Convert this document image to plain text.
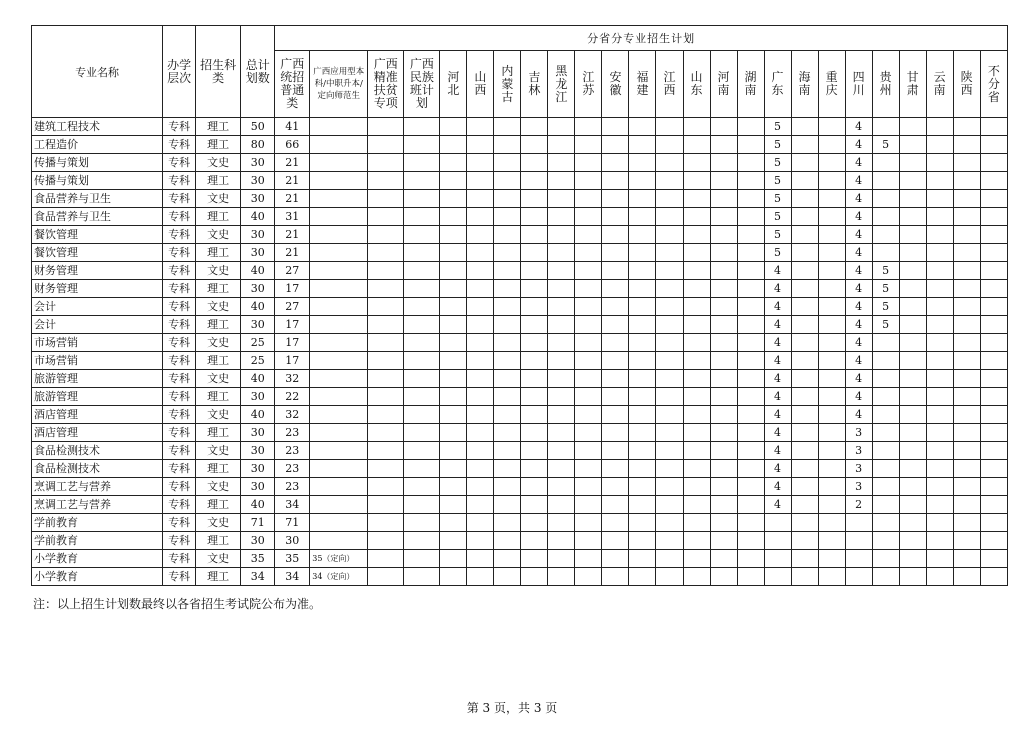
专业名称	办学层次	招生科类	总计划数	分省分专业招生计划																								
				广西统招普通类	广西应用型本科/中职升本/定向师范生	广西精准扶贫专项	广西民族班计划	河北	山西	内蒙古	吉林	黑龙江	江苏	安徽	福建	江西	山东	河南	湖南	广东	海南	重庆	四川	贵州	甘肃	云南	陕西	不分省
建筑工程技术	专科	理工	50	41																5			4					
工程造价	专科	理工	80	66																5			4	5				
传播与策划	专科	文史	30	21																5			4					
传播与策划	专科	理工	30	21																5			4					
食品营养与卫生	专科	文史	30	21																5			4					
食品营养与卫生	专科	理工	40	31																5			4					
餐饮管理	专科	文史	30	21																5			4					
餐饮管理	专科	理工	30	21																5			4					
财务管理	专科	文史	40	27																4			4	5				
财务管理	专科	理工	30	17																4			4	5				
会计	专科	文史	40	27																4			4	5				
会计	专科	理工	30	17																4			4	5				
市场营销	专科	文史	25	17																4			4					
市场营销	专科	理工	25	17																4			4					
旅游管理	专科	文史	40	32																4			4					
旅游管理	专科	理工	30	22																4			4					
酒店管理	专科	文史	40	32																4			4					
酒店管理	专科	理工	30	23																4			3					
食品检测技术	专科	文史	30	23																4			3					
食品检测技术	专科	理工	30	23																4			3					
烹调工艺与营养	专科	文史	30	23																4			3					
烹调工艺与营养	专科	理工	40	34																4			2					
学前教育	专科	文史	71	71																								
学前教育	专科	理工	30	30																								
小学教育	专科	文史	35	35	35（定向）																							
小学教育	专科	理工	34	34	34（定向）																							
注：以上招生计划数最终以各省招生考试院公布为准。
第 3 页，共 3 页
